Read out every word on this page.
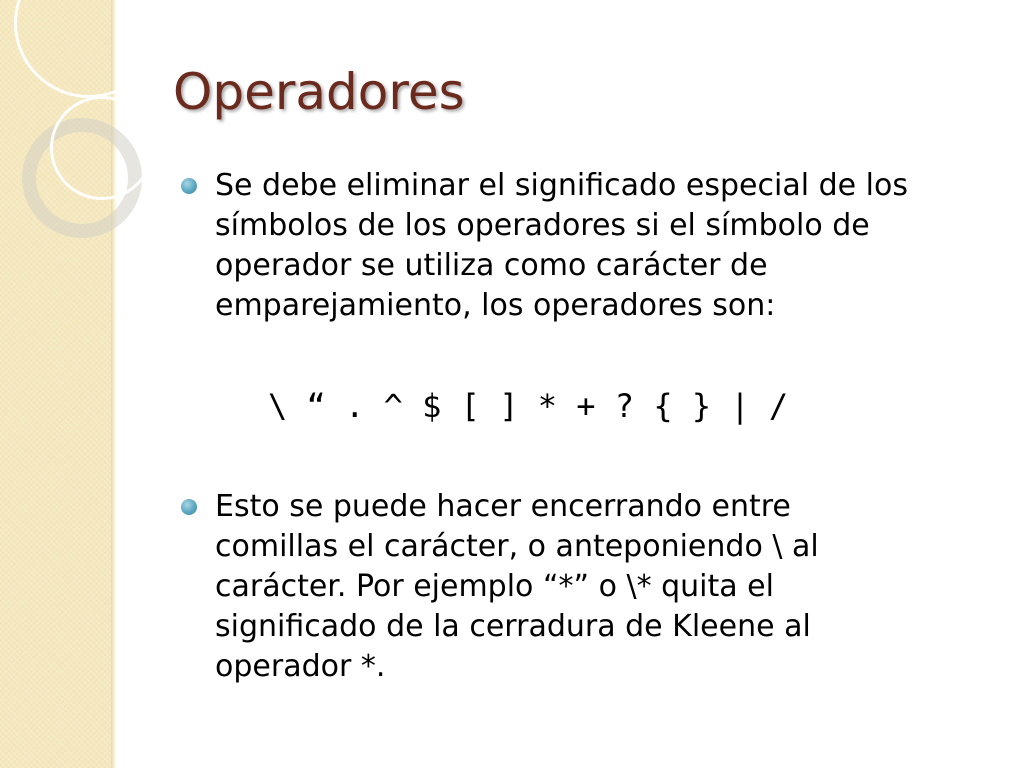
Operadores
Se debe eliminar el significado especial de los
símbolos de los operadores si el símbolo de
operador se utiliza como carácter de
emparejamiento, los operadores son:
\ “ . ^ $ [ ] * + ? { } | /
Esto se puede hacer encerrando entre
comillas el carácter, o anteponiendo \ al
carácter. Por ejemplo “*” o \* quita el
significado de la cerradura de Kleene al
operador *.
